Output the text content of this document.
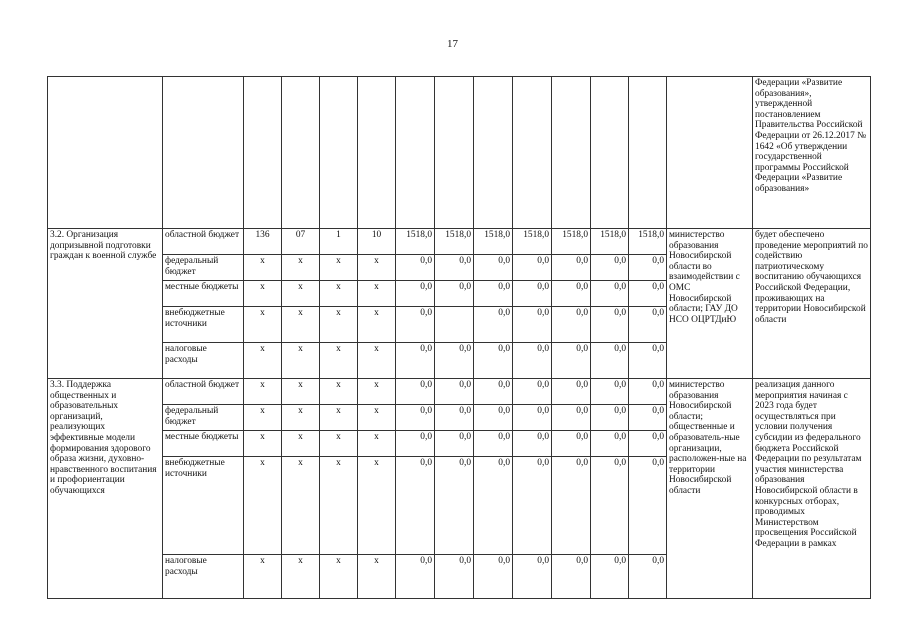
17
														Федерации «Развитие образования», утвержденной постановлением Правительства Российской Федерации от 26.12.2017 № 1642 «Об утверждении государственной программы Российской Федерации «Развитие образования»
3.2. Организация допризывной подготовки граждан к военной службе	областной бюджет	136	07	1	10	1518,0	1518,0	1518,0	1518,0	1518,0	1518,0	1518,0	министерство образования Новосибирской области во взаимодействии с ОМС Новосибирской области; ГАУ ДО НСО ОЦРТДиЮ	будет обеспечено проведение мероприятий по содействию патриотическому воспитанию обучающихся Российской Федерации, проживающих на территории Новосибирской области
	федеральный бюджет	x	x	x	x	0,0	0,0	0,0	0,0	0,0	0,0	0,0		
	местные бюджеты	x	x	x	x	0,0	0,0	0,0	0,0	0,0	0,0	0,0		
	внебюджетные источники	x	x	x	x	0,0		0,0	0,0	0,0	0,0	0,0		
	налоговые расходы	x	x	x	x	0,0	0,0	0,0	0,0	0,0	0,0	0,0		
3.3. Поддержка общественных и образовательных организаций, реализующих эффективные модели формирования здорового образа жизни, духовно-нравственного воспитания и профориентации обучающихся	областной бюджет	x	x	x	x	0,0	0,0	0,0	0,0	0,0	0,0	0,0	министерство образования Новосибирской области; общественные и образователь-ные организации, расположен-ные на территории Новосибирской области	реализация данного мероприятия начиная с 2023 года будет осуществляться при условии получения субсидии из федерального бюджета Российской Федерации по результатам участия министерства образования Новосибирской области в конкурсных отборах, проводимых Министерством просвещения Российской Федерации в рамках
	федеральный бюджет	x	x	x	x	0,0	0,0	0,0	0,0	0,0	0,0	0,0		
	местные бюджеты	x	x	x	x	0,0	0,0	0,0	0,0	0,0	0,0	0,0		
	внебюджетные источники	x	x	x	x	0,0	0,0	0,0	0,0	0,0	0,0	0,0		
	налоговые расходы	x	x	x	x	0,0	0,0	0,0	0,0	0,0	0,0	0,0		
